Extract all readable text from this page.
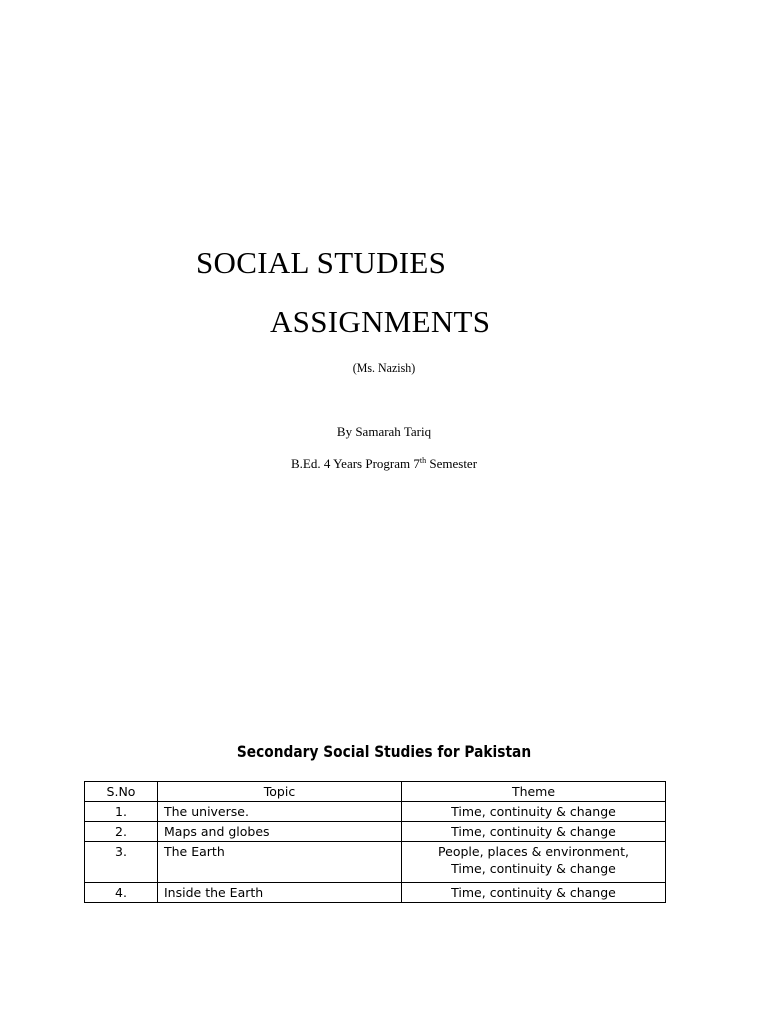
SOCIAL STUDIES
ASSIGNMENTS
(Ms. Nazish)
By Samarah Tariq
B.Ed. 4 Years Program 7th Semester
Secondary Social Studies for Pakistan
S.No	Topic	Theme
1.	The universe.	Time, continuity & change
2.	Maps and globes	Time, continuity & change
3.	The Earth	People, places & environment,
Time, continuity & change

4.	Inside the Earth	Time, continuity & change
